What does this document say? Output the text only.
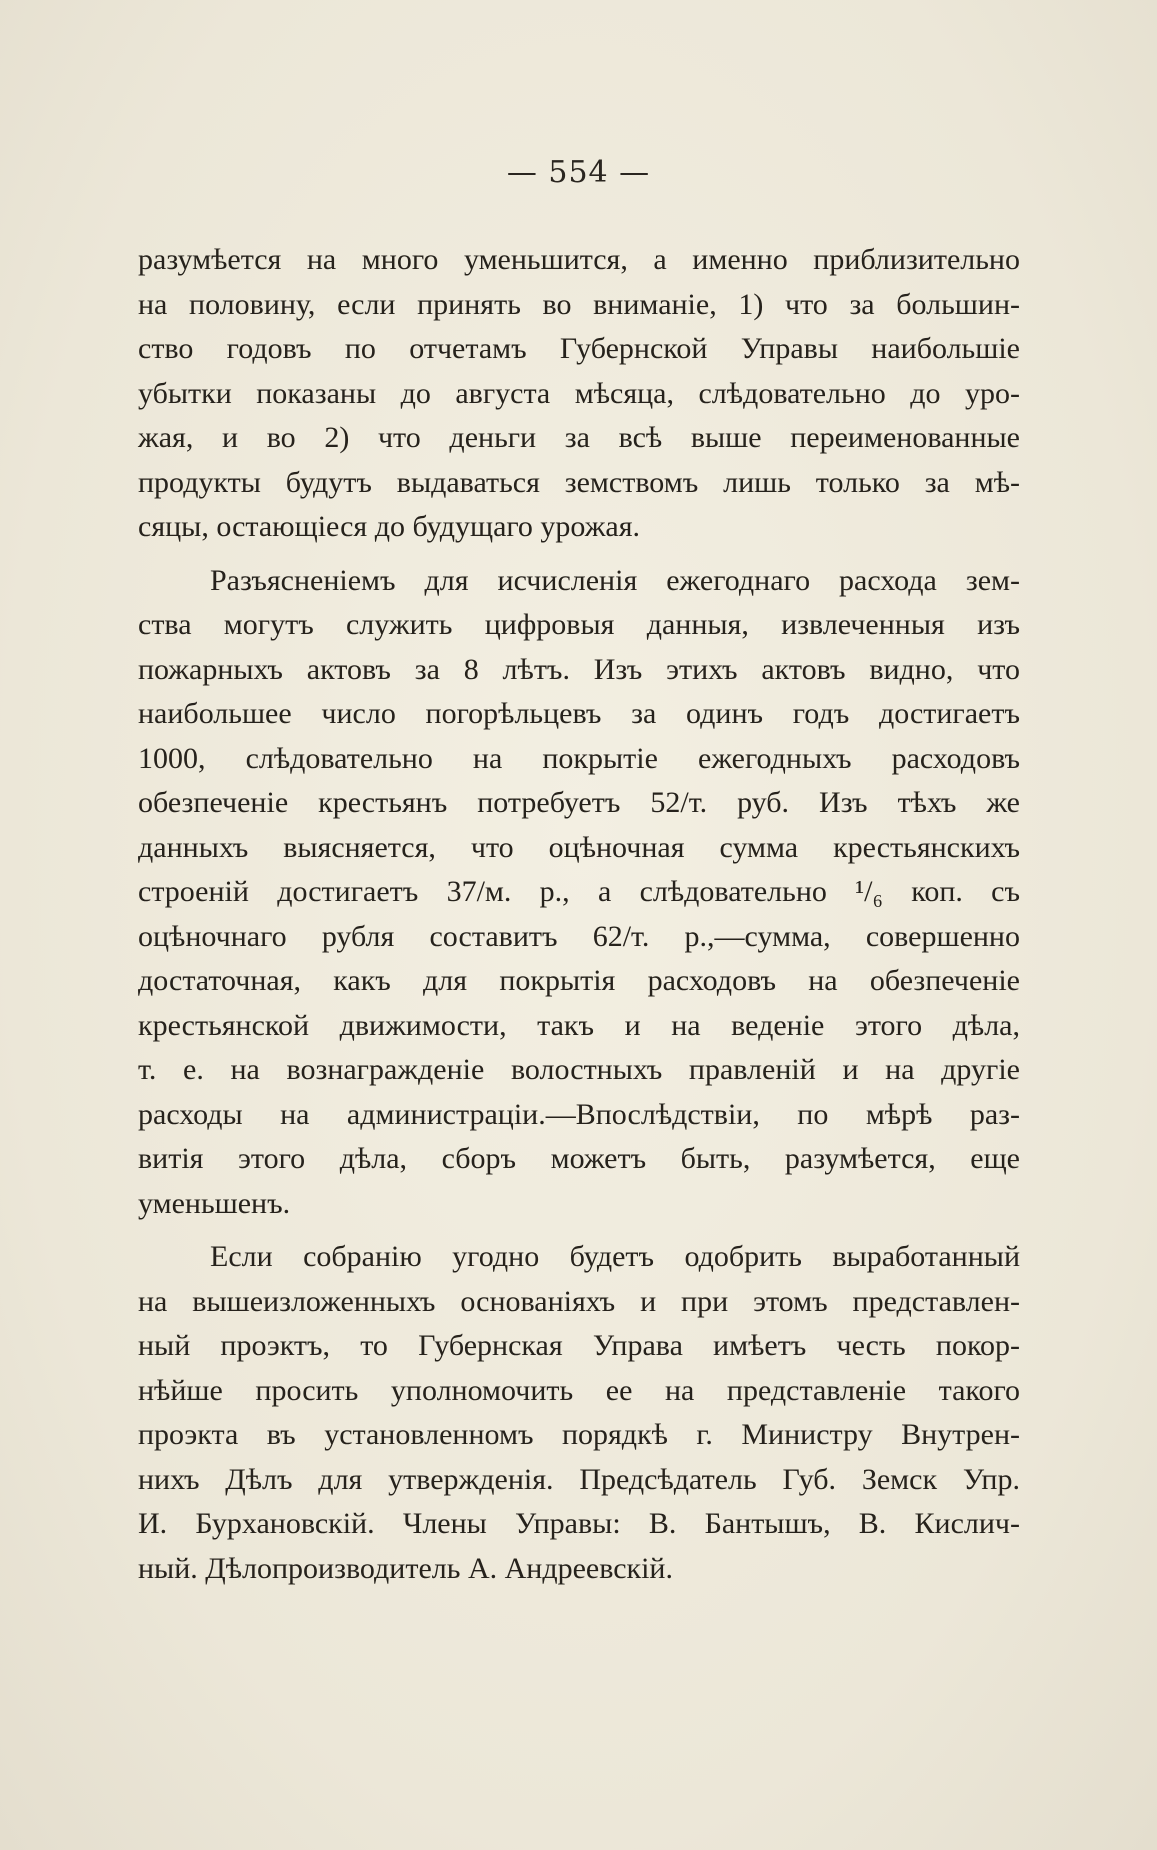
— 554 —
разумѣется на много уменьшится, а именно приблизительно
на половину, если принять во вниманіе, 1) что за большин-
ство годовъ по отчетамъ Губернской Управы наибольшіе
убытки показаны до августа мѣсяца, слѣдовательно до уро-
жая, и во 2) что деньги за всѣ выше переименованные
продукты будутъ выдаваться земствомъ лишь только за мѣ-
сяцы, остающіеся до будущаго урожая.
Разъясненіемъ для исчисленія ежегоднаго расхода зем-
ства могутъ служить цифровыя данныя, извлеченныя изъ
пожарныхъ актовъ за 8 лѣтъ. Изъ этихъ актовъ видно, что
наибольшее число погорѣльцевъ за одинъ годъ достигаетъ
1000, слѣдовательно на покрытіе ежегодныхъ расходовъ
обезпеченіе крестьянъ потребуетъ 52/т. руб. Изъ тѣхъ же
данныхъ выясняется, что оцѣночная сумма крестьянскихъ
строеній достигаетъ 37/м. р., а слѣдовательно ¹/₆ коп. съ
оцѣночнаго рубля составитъ 62/т. р.,—сумма, совершенно
достаточная, какъ для покрытія расходовъ на обезпеченіе
крестьянской движимости, такъ и на веденіе этого дѣла,
т. е. на вознагражденіе волостныхъ правленій и на другіе
расходы на администраціи.—Впослѣдствіи, по мѣрѣ раз-
витія этого дѣла, сборъ можетъ быть, разумѣется, еще
уменьшенъ.
Если собранію угодно будетъ одобрить выработанный
на вышеизложенныхъ основаніяхъ и при этомъ представлен-
ный проэктъ, то Губернская Управа имѣетъ честь покор-
нѣйше просить уполномочить ее на представленіе такого
проэкта въ установленномъ порядкѣ г. Министру Внутрен-
нихъ Дѣлъ для утвержденія. Предсѣдатель Губ. Земск Упр.
И. Бурхановскій. Члены Управы: В. Бантышъ, В. Кислич-
ный. Дѣлопроизводитель А. Андреевскій.
